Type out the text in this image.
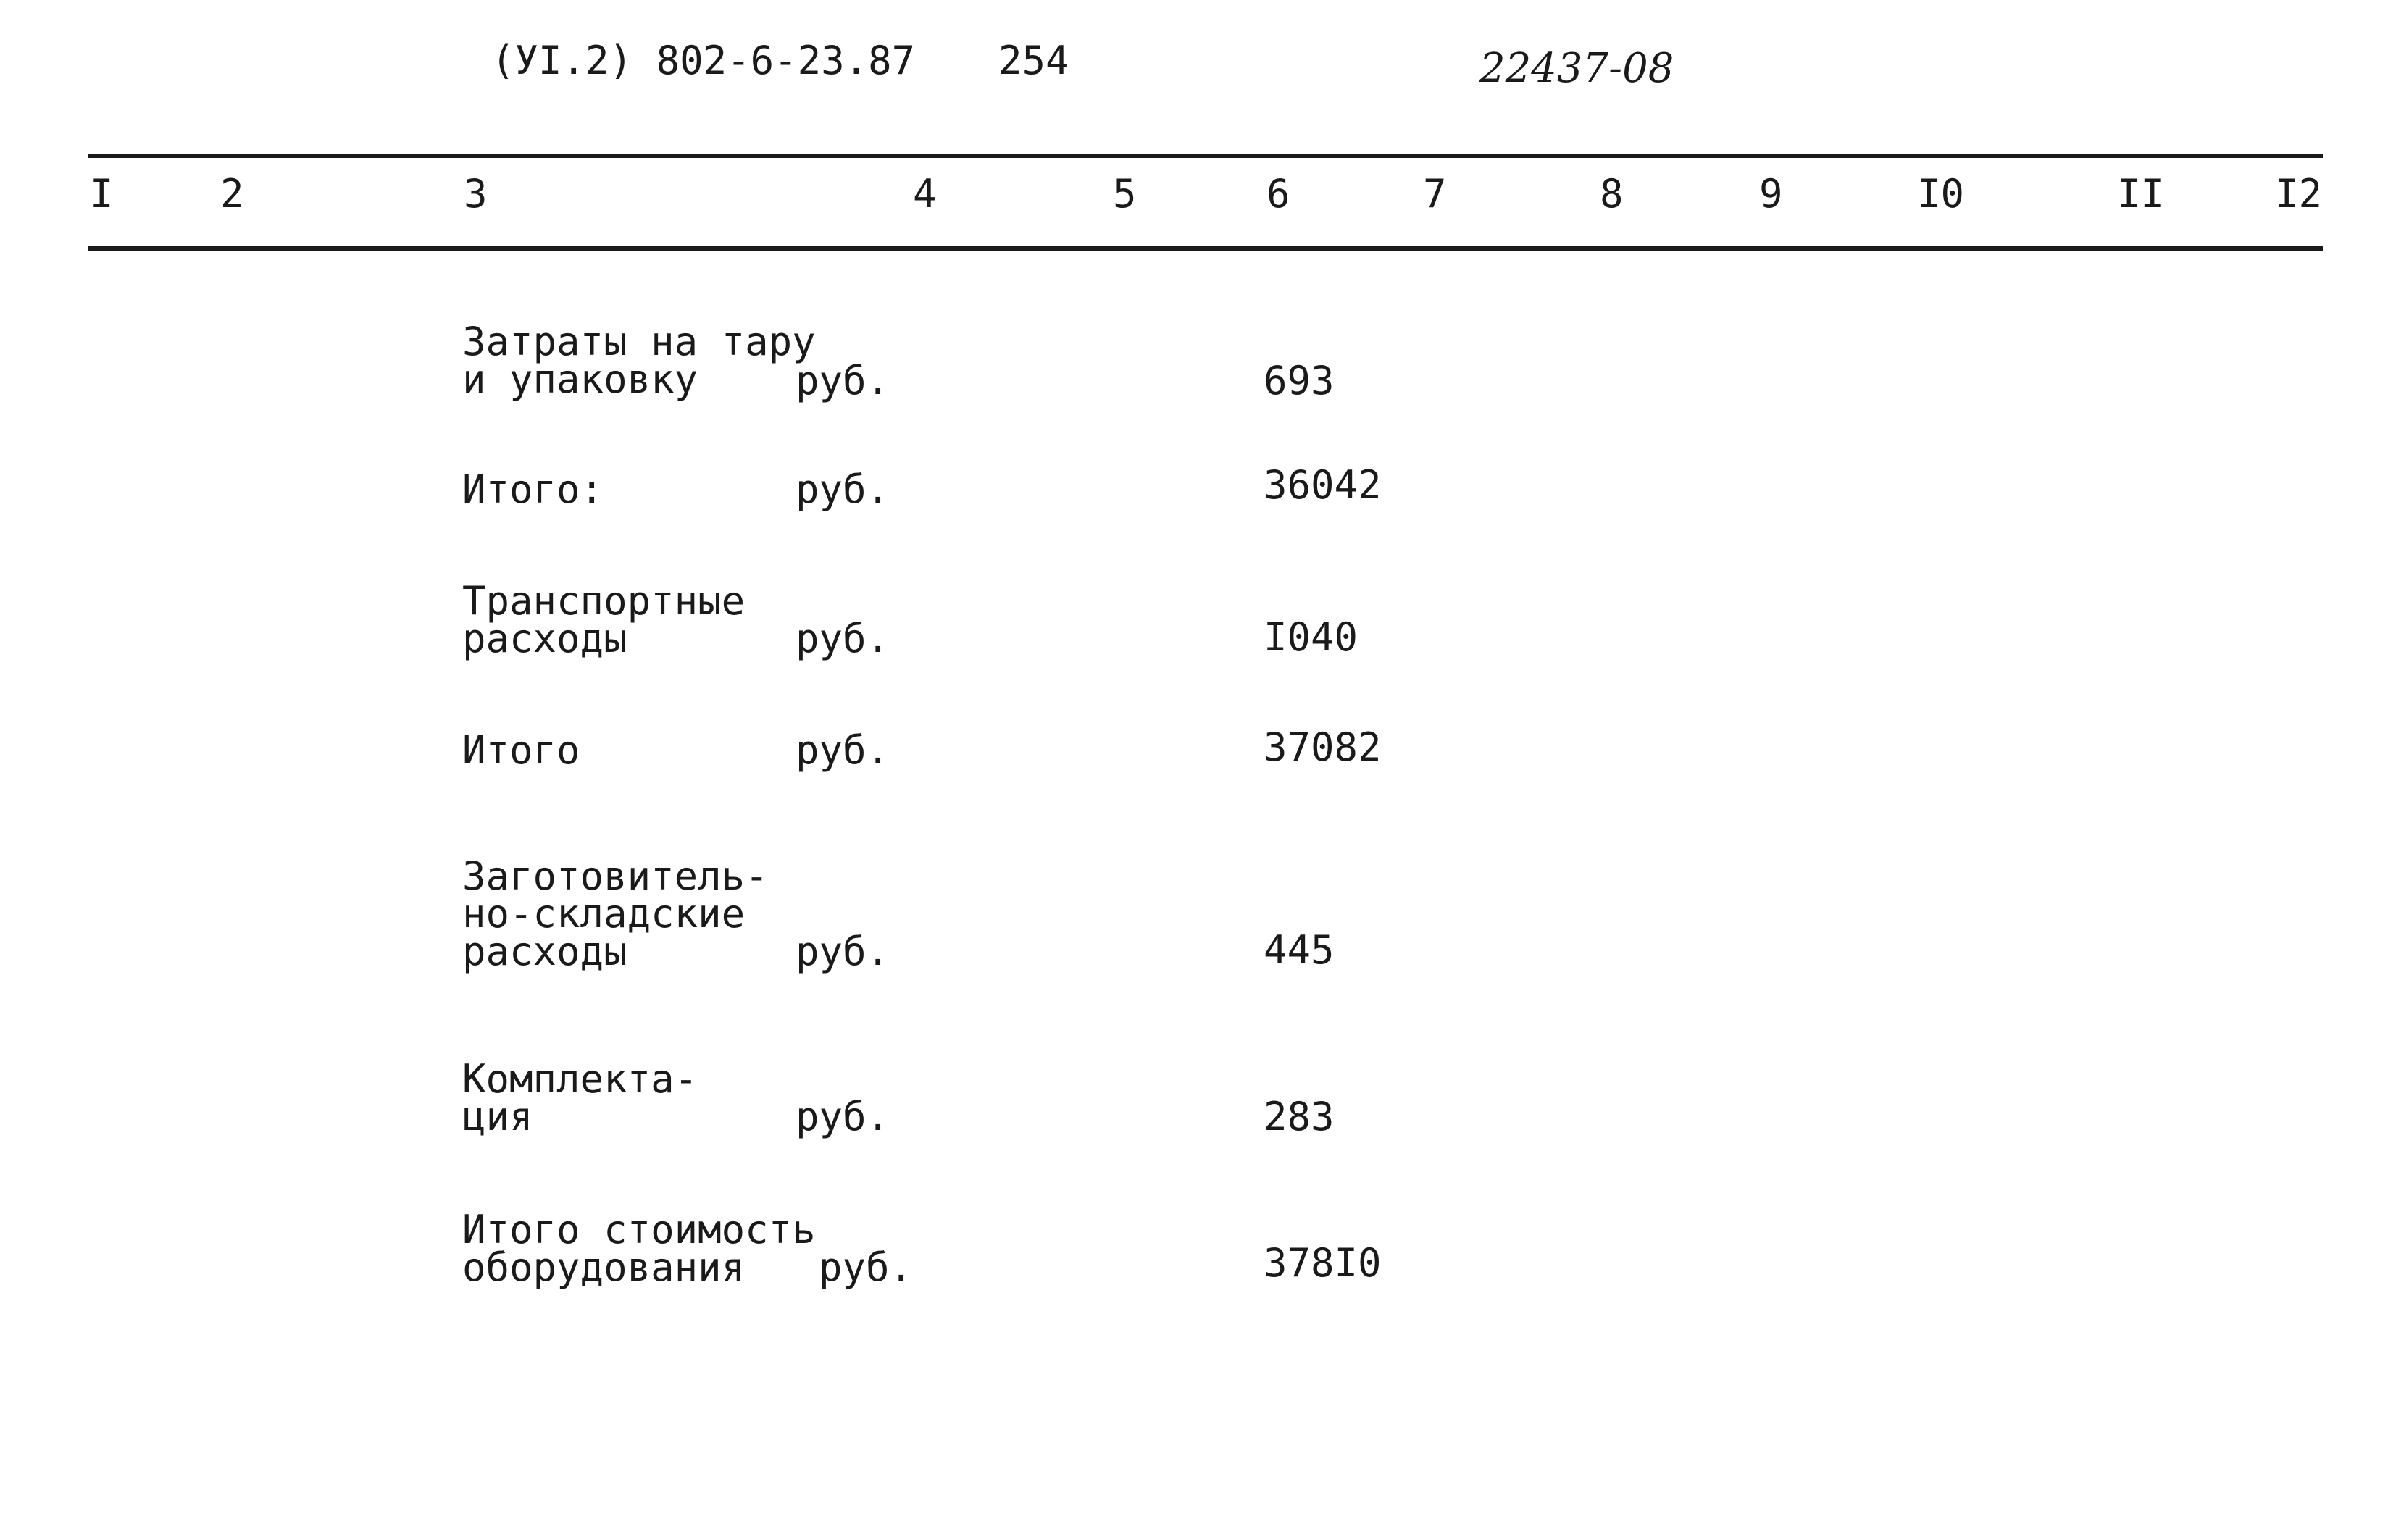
(УI.2) 802-6-23.87 254	22437-08
I	2	3	4	5	6	7	8	9	I0	II	I2
Затраты на тару
и упаковку руб.	693
Итого:	руб.	36042
Транспортные
расходы	руб.	I040
Итого	руб.	37082
Заготовитель-
но-складские
расходы	руб.	445
Комплекта-
ция	руб.	283
Итого стоимость
оборудования руб.	378I0
